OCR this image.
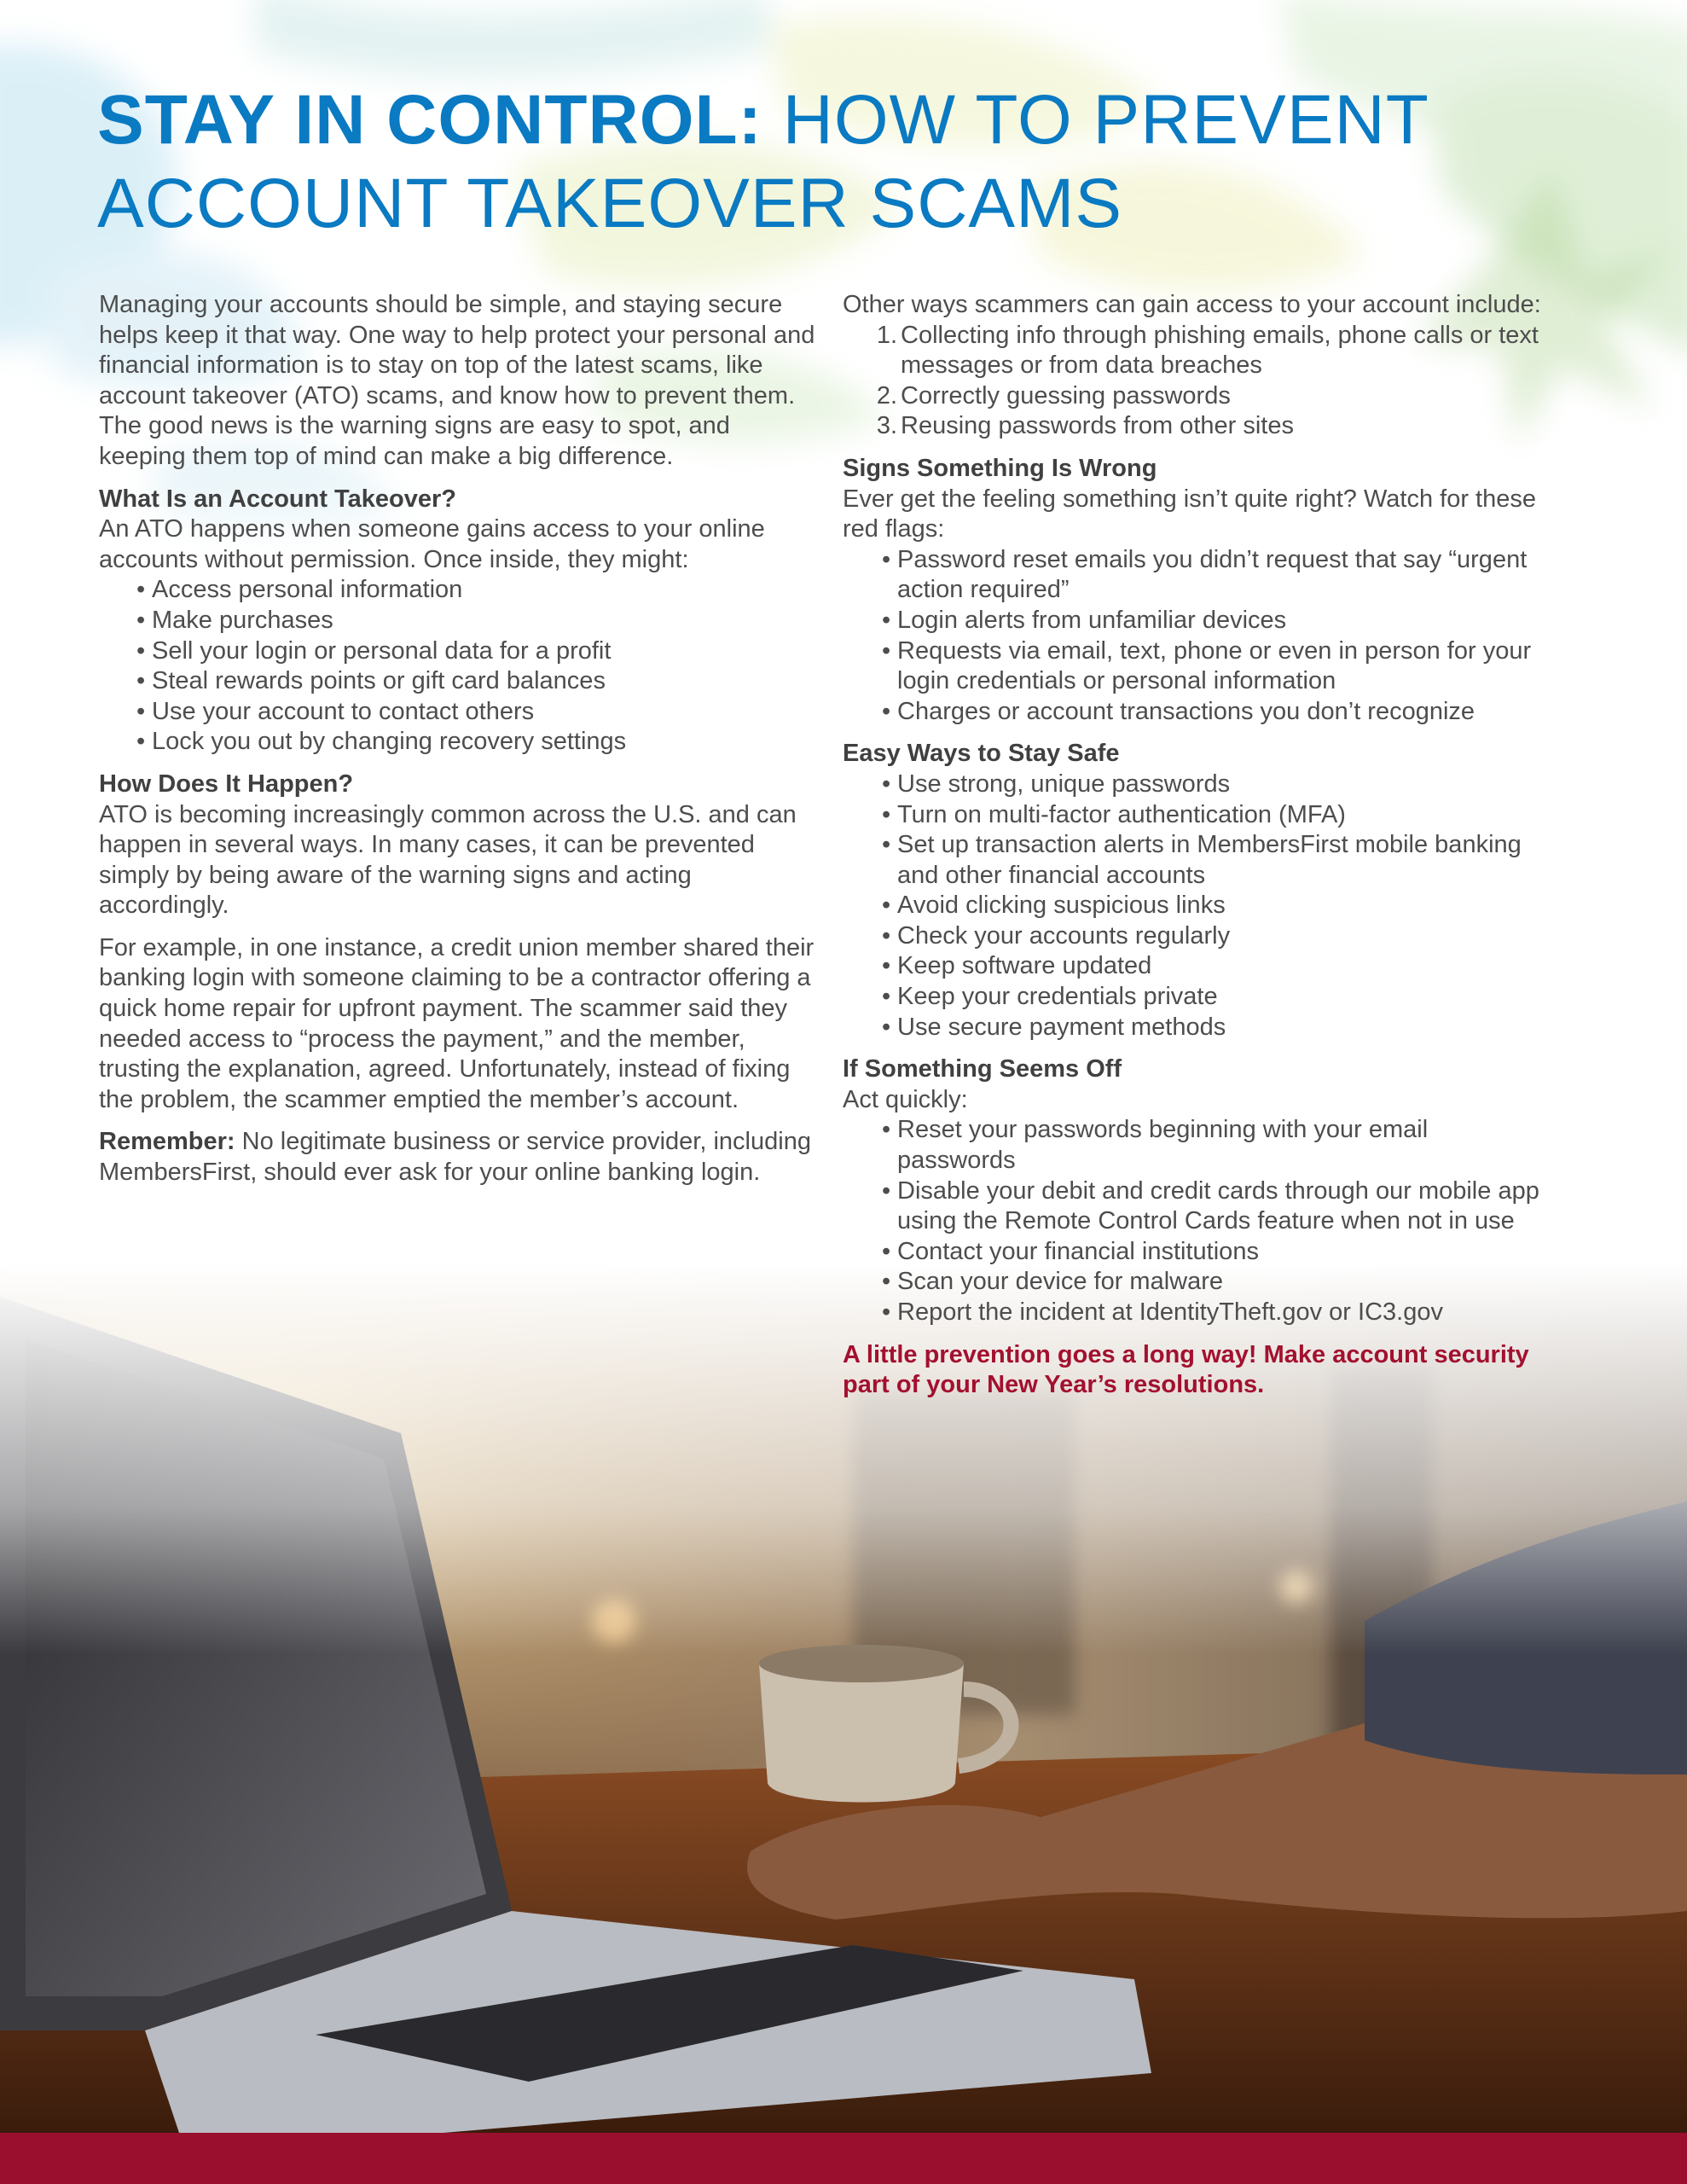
STAY IN CONTROL: HOW TO PREVENT
ACCOUNT TAKEOVER SCAMS

Managing your accounts should be simple, and staying secure helps keep it that way. One way to help protect your personal and financial information is to stay on top of the latest scams, like account takeover (ATO) scams, and know how to prevent them. The good news is the warning signs are easy to spot, and keeping them top of mind can make a big difference.

What Is an Account Takeover?

An ATO happens when someone gains access to your online accounts without permission. Once inside, they might:

• Access personal information
• Make purchases
• Sell your login or personal data for a profit
• Steal rewards points or gift card balances
• Use your account to contact others
• Lock you out by changing recovery settings
How Does It Happen?

ATO is becoming increasingly common across the U.S. and can happen in several ways. In many cases, it can be prevented simply by being aware of the warning signs and acting accordingly.

For example, in one instance, a credit union member shared their banking login with someone claiming to be a contractor offering a quick home repair for upfront payment. The scammer said they needed access to “process the payment,” and the member, trusting the explanation, agreed. Unfortunately, instead of fixing the problem, the scammer emptied the member’s account.

Remember: No legitimate business or service provider, including MembersFirst, should ever ask for your online banking login.

Other ways scammers can gain access to your account include:

1. Collecting info through phishing emails, phone calls or text messages or from data breaches
2. Correctly guessing passwords
3. Reusing passwords from other sites
Signs Something Is Wrong

Ever get the feeling something isn’t quite right? Watch for these red flags:

• Password reset emails you didn’t request that say “urgent action required”
• Login alerts from unfamiliar devices
• Requests via email, text, phone or even in person for your login credentials or personal information
• Charges or account transactions you don’t recognize
Easy Ways to Stay Safe
• Use strong, unique passwords
• Turn on multi-factor authentication (MFA)
• Set up transaction alerts in MembersFirst mobile banking and other financial accounts
• Avoid clicking suspicious links
• Check your accounts regularly
• Keep software updated
• Keep your credentials private
• Use secure payment methods
If Something Seems Off

Act quickly:

• Reset your passwords beginning with your email passwords
• Disable your debit and credit cards through our mobile app using the Remote Control Cards feature when not in use
• Contact your financial institutions
• Scan your device for malware
• Report the incident at IdentityTheft.gov or IC3.gov

A little prevention goes a long way! Make account security part of your New Year’s resolutions.
